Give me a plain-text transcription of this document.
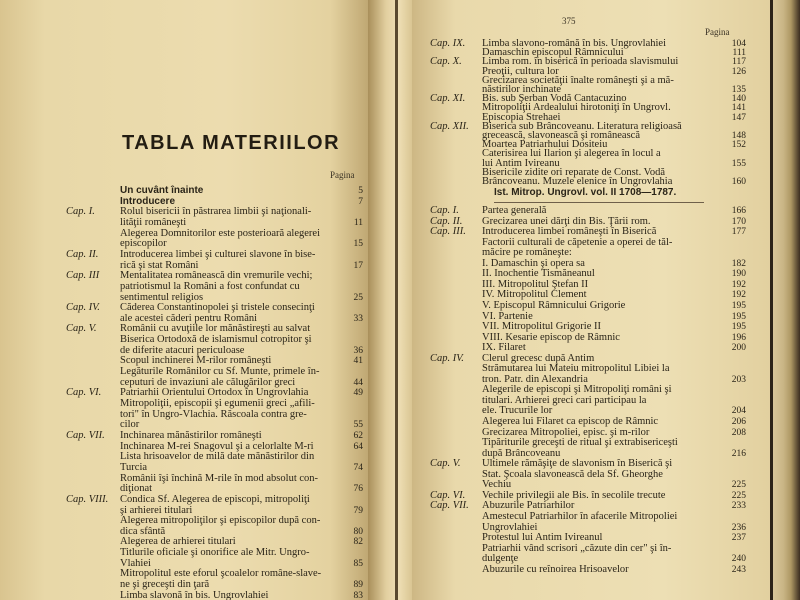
TABLA MATERIILOR
Pagina
Un cuvânt înainte	5
Introducere	7
Cap. I. Rolul bisericii în păstrarea limbii şi naţionali-
lităţii româneşti	11
Alegerea Domnitorilor este posterioară alegerei
episcopilor	15
Cap. II. Introducerea limbei şi culturei slavone în bise-
rică şi stat Români	17
Cap. III Mentalitatea românească din vremurile vechi;
patriotismul la Români a fost confundat cu
sentimentul religios	25
Cap. IV. Căderea Constantinopolei şi tristele consecinţi
ale acestei căderi pentru Români	33
Cap. V. Românii cu avuţiile lor mănăstireşti au salvat
Biserica Ortodoxă de islamismul cotropitor şi
de diferite atacuri periculoase	36
Scopul inchinerei M-rilor româneşti	41
Legăturile Românilor cu Sf. Munte, primele în-
ceputuri de invaziuni ale călugărilor greci	44
Cap. VI. Patriarhii Orientului Ortodox în Ungrovlahia	49
Mitropoliţii, episcopii şi egumenii greci „afili-
tori" în Ungro-Vlachia. Răscoala contra gre-
cilor	55
Cap. VII. Inchinarea mănăstirilor româneşti	62
Inchinarea M-rei Snagovul şi a celorlalte M-ri	64
Lista hrisoavelor de milă date mănăstirilor din
Turcia	74
Românii îşi închină M-rile în mod absolut con-
diţionat	76
Cap. VIII. Condica Sf. Alegerea de episcopi, mitropoliţi
şi arhierei titulari	79
Alegerea mitropoliţilor şi episcopilor după con-
dica sfântă	80
Alegerea de arhierei titulari	82
Titlurile oficiale şi onorifice ale Mitr. Ungro-
Vlahiei	85
Mitropolitul este eforul şcoalelor române-slave-
ne şi greceşti din ţară	89
Limba slavonă în bis. Ungrovlahiei	83
375
Pagina
Cap. IX. Limba slavono-română în bis. Ungrovlahiei	104
Damaschin episcopul Râmnicului	111
Cap. X. Limba rom. în biserică în perioada slavismului	117
Preoţii, cultura lor	126
Grecizarea societăţii înalte româneşti şi a mă-
năstirilor inchinate	135
Cap. XI. Bis. sub Şerban Vodă Cantacuzino	140
Mitropoliţii Ardealului hirotoniţi în Ungrovl.	141
Episcopia Strehaei	147
Cap. XII. Biserica sub Brâncoveanu. Literatura religioasă
grecească, slavonească şi românească	148
Moartea Patriarhului Dositeiu	152
Caterisirea lui Ilarion şi alegerea în locul a
lui Antim Ivireanu	155
Bisericile zidite ori reparate de Const. Vodă
Brâncoveanu. Muzele elenice în Ungrovlahia	160
Ist. Mitrop. Ungrovl. vol. II 1708—1787.
Cap. I. Partea generală	166
Cap. II. Grecizarea unei dărţi din Bis. Ţării rom.	170
Cap. III. Introducerea limbei româneşti în Biserică	177
Factorii culturali de căpetenie a operei de tăl-
măcire pe româneşte:
I. Damaschin şi opera sa	182
II. Inochentie Tismăneanul	190
III. Mitropolitul Ştefan II	192
IV. Mitropolitul Clement	192
V. Episcopul Râmnicului Grigorie	195
VI. Partenie	195
VII. Mitropolitul Grigorie II	195
VIII. Kesarie episcop de Râmnic	196
IX. Filaret	200
Cap. IV. Clerul grecesc după Antim
Strămutarea lui Mateiu mitropolitul Libiei la
tron. Patr. din Alexandria	203
Alegerile de episcopi şi Mitropoliţi români şi
titulari. Arhierei greci cari participau la
ele. Trucurile lor	204
Alegerea lui Filaret ca episcop de Râmnic	206
Grecizarea Mitropoliei, episc. şi m-rilor	208
Tipăriturile greceşti de ritual şi extrabisericeşti
după Brâncoveanu	216
Cap. V. Ultimele rămăşiţe de slavonism în Biserică şi
Stat. Şcoala slavonească dela Sf. Gheorghe
Vechiu	225
Cap. VI. Vechile privilegii ale Bis. în secolile trecute	225
Cap. VII. Abuzurile Patriarhilor	233
Amestecul Patriarhilor în afacerile Mitropoliei
Ungrovlahiei	236
Protestul lui Antim Ivireanul	237
Patriarhii vând scrisori „căzute din cer" şi în-
dulgenţe	240
Abuzurile cu reînoirea Hrisoavelor	243
